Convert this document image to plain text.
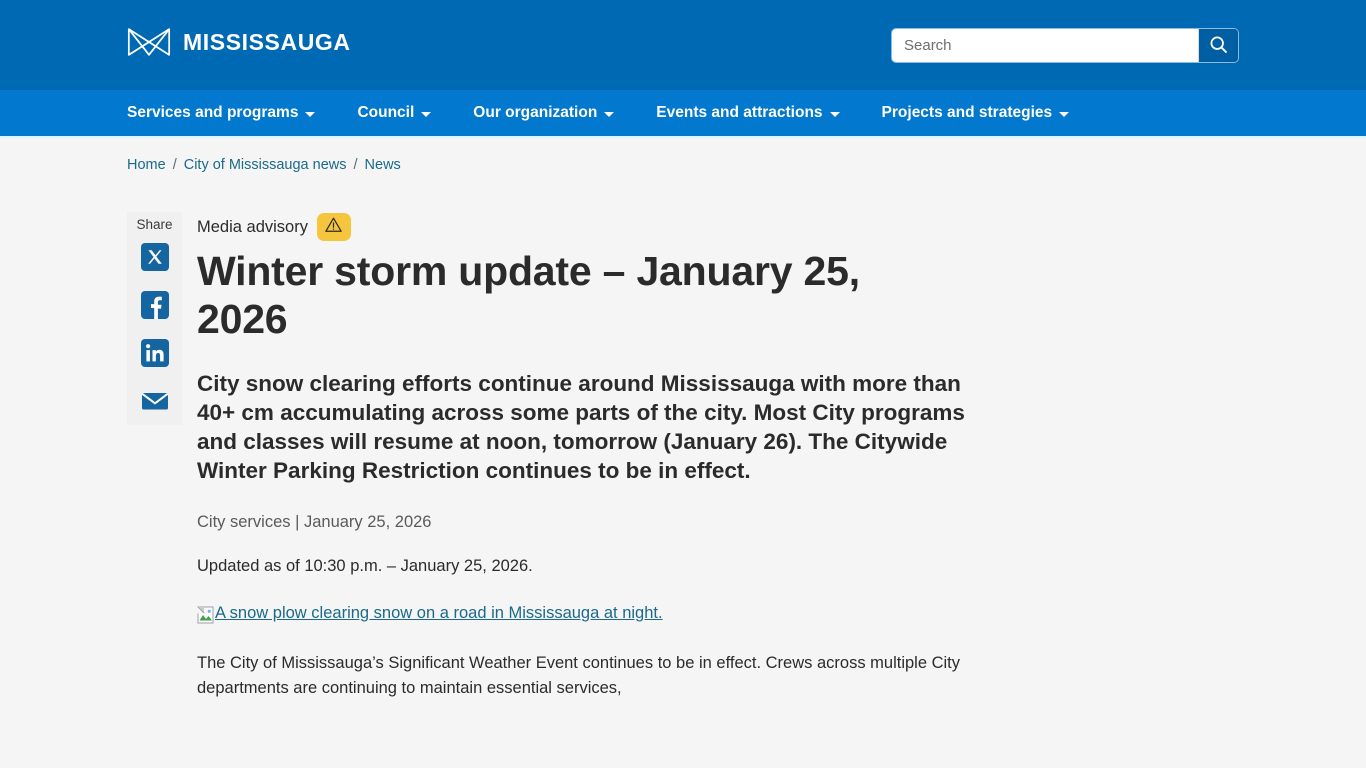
MISSISSAUGA
Search
Services and programs	Council	Our organization	Events and attractions	Projects and strategies
Home / City of Mississauga news / News
Share Media advisory
Winter storm update – January 25, 2026

City snow clearing efforts continue around Mississauga with more than 40+ cm accumulating across some parts of the city. Most City programs and classes will resume at noon, tomorrow (January 26). The Citywide Winter Parking Restriction continues to be in effect.

City services | January 25, 2026

Updated as of 10:30 p.m. – January 25, 2026.

A snow plow clearing snow on a road in Mississauga at night.

The City of Mississauga’s Significant Weather Event continues to be in effect. Crews across multiple City departments are continuing to maintain essential services,
